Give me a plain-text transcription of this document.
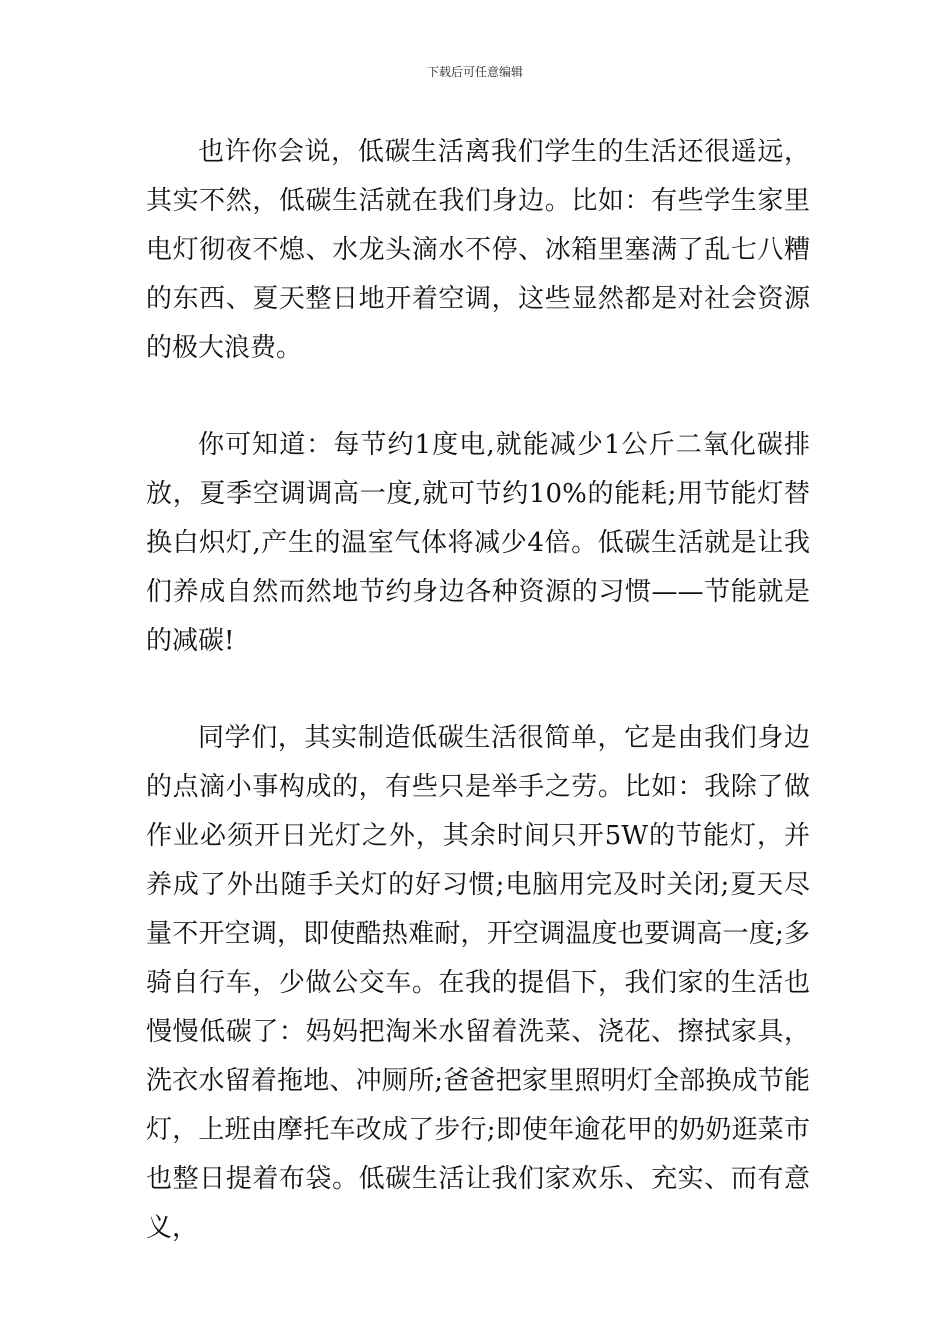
下载后可任意编辑

也许你会说，低碳生活离我们学生的生活还很遥远，其实不然，低碳生活就在我们身边。比如：有些学生家里电灯彻夜不熄、水龙头滴水不停、冰箱里塞满了乱七八糟的东西、夏天整日地开着空调，这些显然都是对社会资源的极大浪费。

你可知道：每节约1度电,就能减少1公斤二氧化碳排放，夏季空调调高一度,就可节约10%的能耗;用节能灯替换白炽灯,产生的温室气体将减少4倍。低碳生活就是让我们养成自然而然地节约身边各种资源的习惯——节能就是的减碳!

同学们，其实制造低碳生活很简单，它是由我们身边的点滴小事构成的，有些只是举手之劳。比如：我除了做作业必须开日光灯之外，其余时间只开5W的节能灯，并养成了外出随手关灯的好习惯;电脑用完及时关闭;夏天尽量不开空调，即使酷热难耐，开空调温度也要调高一度;多骑自行车，少做公交车。在我的提倡下，我们家的生活也慢慢低碳了：妈妈把淘米水留着洗菜、浇花、擦拭家具，洗衣水留着拖地、冲厕所;爸爸把家里照明灯全部换成节能灯，上班由摩托车改成了步行;即使年逾花甲的奶奶逛菜市也整日提着布袋。低碳生活让我们家欢乐、充实、而有意义，
